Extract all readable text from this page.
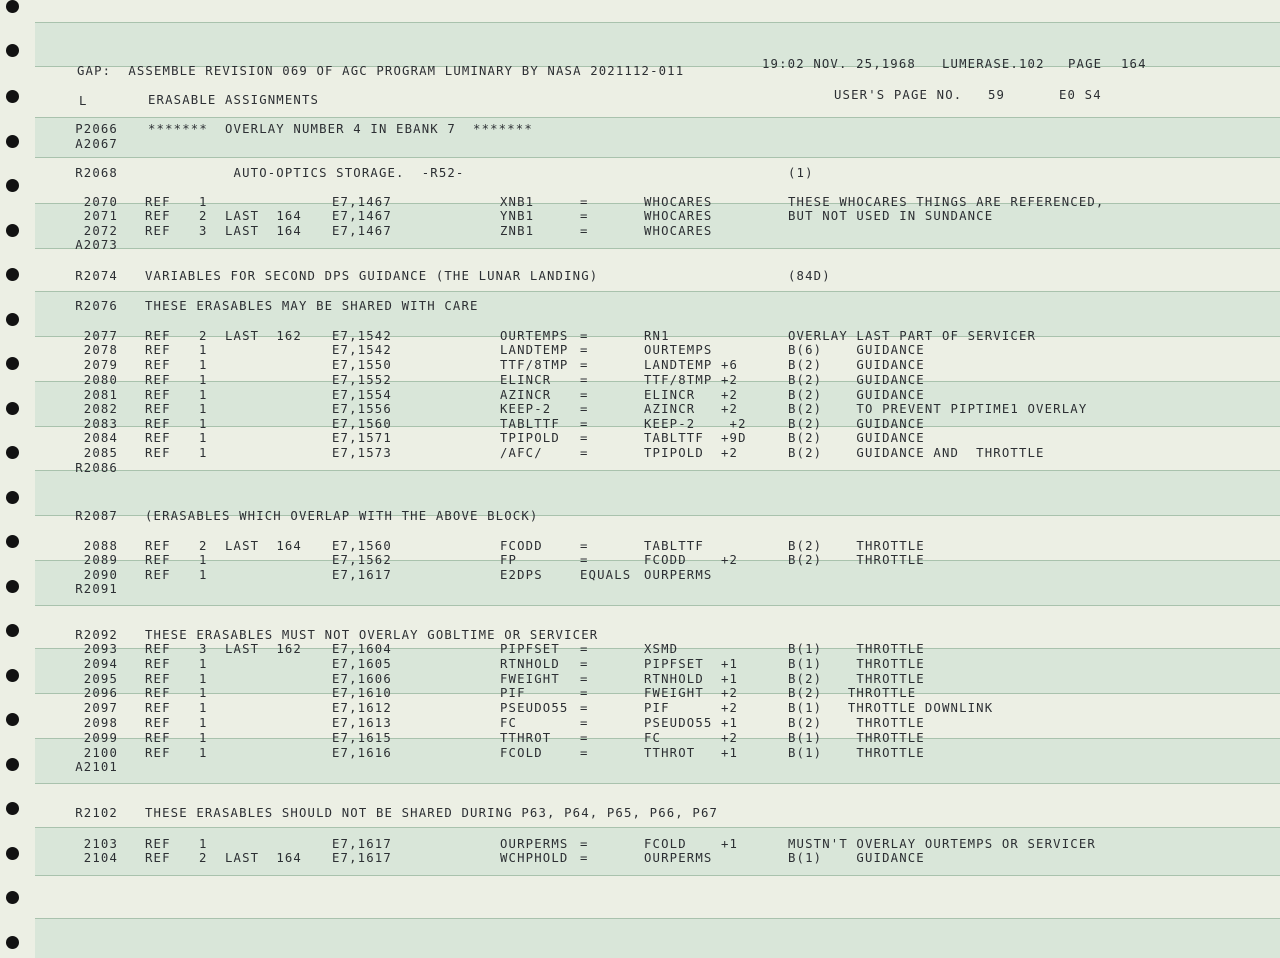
GAP:  ASSEMBLE REVISION 069 OF AGC PROGRAM LUMINARY BY NASA 2021112-011	19:02 NOV. 25,1968 LUMERASE.102 PAGE 164
L	ERASABLE ASSIGNMENTS	USER'S PAGE NO. 59	E0 S4
P2066 *******  OVERLAY NUMBER 4 IN EBANK 7  *******
A2067
R2068 AUTO-OPTICS STORAGE.  -R52-	(1)
2070 REF 1	E7,1467	XNB1	=	WHOCARES	THESE WHOCARES THINGS ARE REFERENCED,
2071 REF 2 LAST  164 E7,1467	YNB1	=	WHOCARES	BUT NOT USED IN SUNDANCE
2072 REF 3 LAST  164 E7,1467	ZNB1	=	WHOCARES
A2073
R2074 VARIABLES FOR SECOND DPS GUIDANCE (THE LUNAR LANDING)	(84D)
R2076 THESE ERASABLES MAY BE SHARED WITH CARE
2077 REF 2 LAST  162 E7,1542	OURTEMPS =	RN1	OVERLAY LAST PART OF SERVICER
2078 REF 1	E7,1542	LANDTEMP =	OURTEMPS	B(6)    GUIDANCE
2079 REF 1	E7,1550	TTF/8TMP =	LANDTEMP +6	B(2)    GUIDANCE
2080 REF 1	E7,1552	ELINCR =	TTF/8TMP +2	B(2)    GUIDANCE
2081 REF 1	E7,1554	AZINCR =	ELINCR   +2	B(2)    GUIDANCE
2082 REF 1	E7,1556	KEEP-2 =	AZINCR   +2	B(2)    TO PREVENT PIPTIME1 OVERLAY
2083 REF 1	E7,1560	TABLTTF =	KEEP-2    +2	B(2)    GUIDANCE
2084 REF 1	E7,1571	TPIPOLD =	TABLTTF  +9D	B(2)    GUIDANCE
2085 REF 1	E7,1573	/AFC/	=	TPIPOLD  +2	B(2)    GUIDANCE AND  THROTTLE
R2086
R2087 (ERASABLES WHICH OVERLAP WITH THE ABOVE BLOCK)
2088 REF 2 LAST  164 E7,1560	FCODD	=	TABLTTF	B(2)    THROTTLE
2089 REF 1	E7,1562	FP	=	FCODD    +2	B(2)    THROTTLE
2090 REF 1	E7,1617	E2DPS	EQUALS OURPERMS
R2091
R2092 THESE ERASABLES MUST NOT OVERLAY GOBLTIME OR SERVICER
2093 REF 3 LAST  162 E7,1604	PIPFSET =	XSMD	B(1)    THROTTLE
2094 REF 1	E7,1605	RTNHOLD =	PIPFSET  +1	B(1)    THROTTLE
2095 REF 1	E7,1606	FWEIGHT =	RTNHOLD  +1	B(2)    THROTTLE
2096 REF 1	E7,1610	PIF	=	FWEIGHT  +2	B(2)   THROTTLE
2097 REF 1	E7,1612	PSEUDO55 =	PIF      +2	B(1)   THROTTLE DOWNLINK
2098 REF 1	E7,1613	FC	=	PSEUDO55 +1	B(2)    THROTTLE
2099 REF 1	E7,1615	TTHROT =	FC       +2	B(1)    THROTTLE
2100 REF 1	E7,1616	FCOLD	=	TTHROT   +1	B(1)    THROTTLE
A2101
R2102 THESE ERASABLES SHOULD NOT BE SHARED DURING P63, P64, P65, P66, P67
2103 REF 1	E7,1617	OURPERMS =	FCOLD    +1	MUSTN'T OVERLAY OURTEMPS OR SERVICER
2104 REF 2 LAST  164 E7,1617	WCHPHOLD =	OURPERMS	B(1)    GUIDANCE
